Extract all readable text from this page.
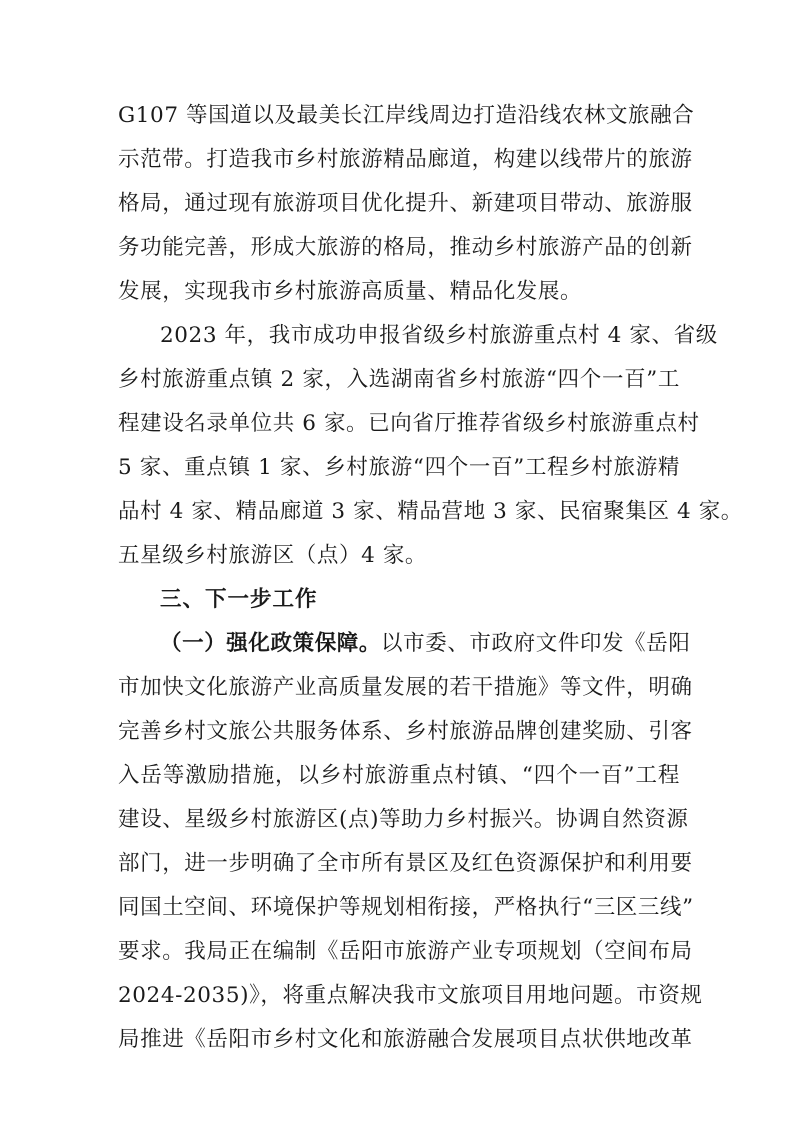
G107 等国道以及最美长江岸线周边打造沿线农林文旅融合
示范带。打造我市乡村旅游精品廊道，构建以线带片的旅游
格局，通过现有旅游项目优化提升、新建项目带动、旅游服
务功能完善，形成大旅游的格局，推动乡村旅游产品的创新
发展，实现我市乡村旅游高质量、精品化发展。
2023 年，我市成功申报省级乡村旅游重点村 4 家、省级
乡村旅游重点镇 2 家，入选湖南省乡村旅游“四个一百”工
程建设名录单位共 6 家。已向省厅推荐省级乡村旅游重点村
5 家、重点镇 1 家、乡村旅游“四个一百”工程乡村旅游精
品村 4 家、精品廊道 3 家、精品营地 3 家、民宿聚集区 4 家。
五星级乡村旅游区（点）4 家。
三、下一步工作
（一）强化政策保障。以市委、市政府文件印发《岳阳
市加快文化旅游产业高质量发展的若干措施》等文件，明确
完善乡村文旅公共服务体系、乡村旅游品牌创建奖励、引客
入岳等激励措施，以乡村旅游重点村镇、“四个一百”工程
建设、星级乡村旅游区(点)等助力乡村振兴。协调自然资源
部门，进一步明确了全市所有景区及红色资源保护和利用要
同国土空间、环境保护等规划相衔接，严格执行“三区三线”
要求。我局正在编制《岳阳市旅游产业专项规划（空间布局
2024-2035)》，将重点解决我市文旅项目用地问题。市资规
局推进《岳阳市乡村文化和旅游融合发展项目点状供地改革
